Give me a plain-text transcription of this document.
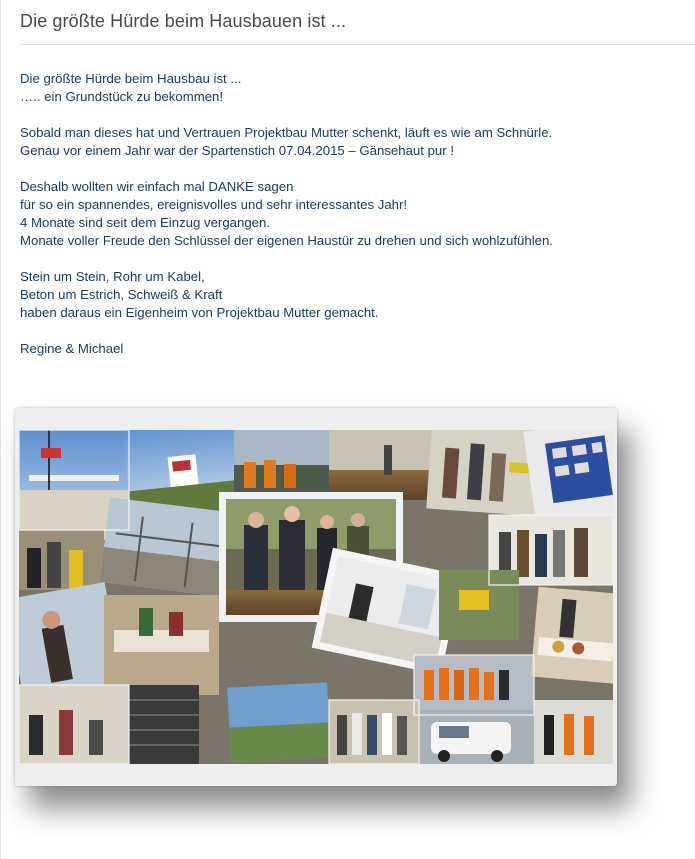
Die größte Hürde beim Hausbauen ist ...

Die größte Hürde beim Hausbau ist ...
….. ein Grundstück zu bekommen!

Sobald man dieses hat und Vertrauen Projektbau Mutter schenkt, läuft es wie am Schnürle.
Genau vor einem Jahr war der Spartenstich 07.04.2015 – Gänsehaut pur !

Deshalb wollten wir einfach mal DANKE sagen
für so ein spannendes, ereignisvolles und sehr interessantes Jahr!
4 Monate sind seit dem Einzug vergangen.
Monate voller Freude den Schlüssel der eigenen Haustür zu drehen und sich wohlzufühlen.

Stein um Stein, Rohr um Kabel,
Beton um Estrich, Schweiß & Kraft
haben daraus ein Eigenheim von Projektbau Mutter gemacht.

Regine & Michael
